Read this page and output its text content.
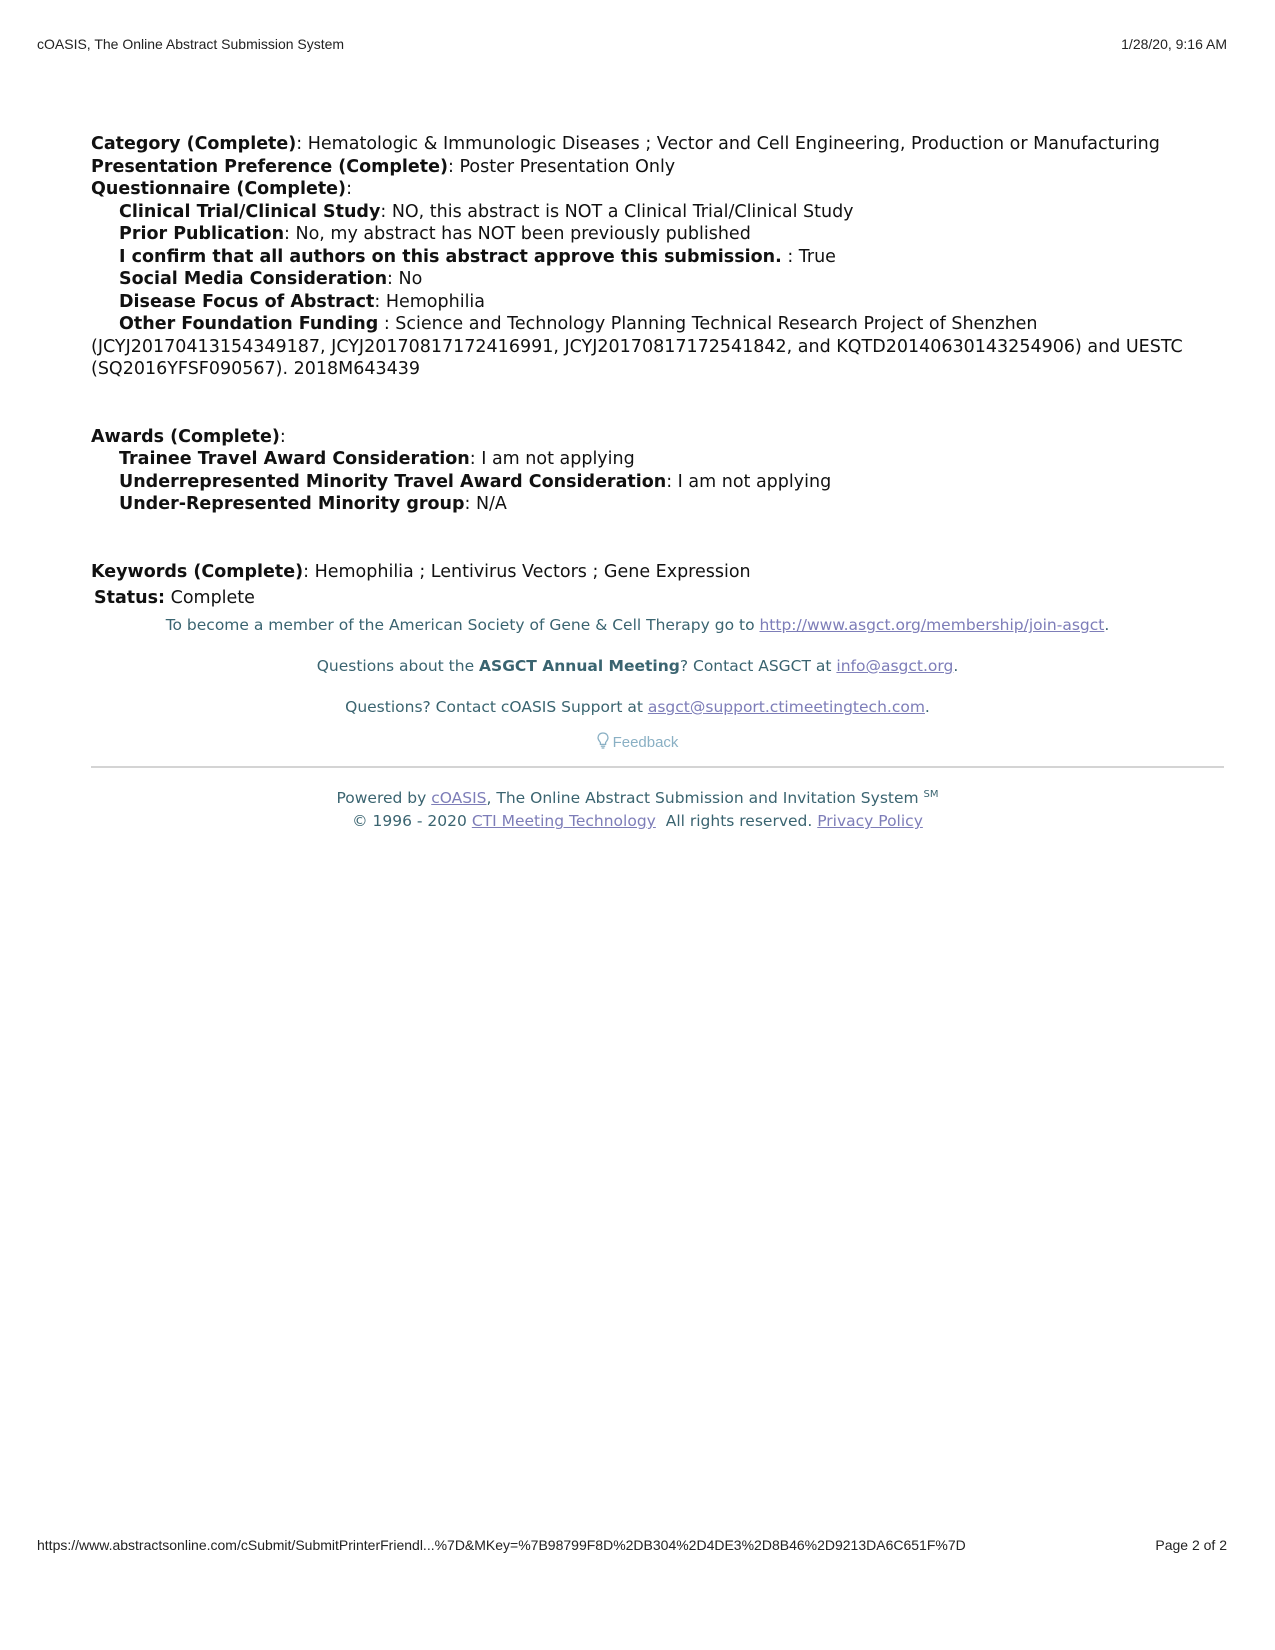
cOASIS, The Online Abstract Submission System	1/28/20, 9:16 AM
Category (Complete): Hematologic & Immunologic Diseases ; Vector and Cell Engineering, Production or Manufacturing
Presentation Preference (Complete): Poster Presentation Only
Questionnaire (Complete):
Clinical Trial/Clinical Study: NO, this abstract is NOT a Clinical Trial/Clinical Study
Prior Publication: No, my abstract has NOT been previously published
I confirm that all authors on this abstract approve this submission. : True
Social Media Consideration: No
Disease Focus of Abstract: Hemophilia
Other Foundation Funding : Science and Technology Planning Technical Research Project of Shenzhen
(JCYJ20170413154349187, JCYJ20170817172416991, JCYJ20170817172541842, and KQTD20140630143254906) and UESTC
(SQ2016YFSF090567). 2018M643439
Awards (Complete):
Trainee Travel Award Consideration: I am not applying
Underrepresented Minority Travel Award Consideration: I am not applying
Under-Represented Minority group: N/A
Keywords (Complete): Hemophilia ; Lentivirus Vectors ; Gene Expression
Status: Complete

To become a member of the American Society of Gene & Cell Therapy go to http://www.asgct.org/membership/join-asgct.

Questions about the ASGCT Annual Meeting? Contact ASGCT at info@asgct.org.

Questions? Contact cOASIS Support at asgct@support.ctimeetingtech.com.

Feedback
Powered by cOASIS, The Online Abstract Submission and Invitation System ℠
© 1996 - 2020 CTI Meeting Technology  All rights reserved. Privacy Policy
https://www.abstractsonline.com/cSubmit/SubmitPrinterFriendl...%7D&MKey=%7B98799F8D%2DB304%2D4DE3%2D8B46%2D9213DA6C651F%7D	Page 2 of 2
